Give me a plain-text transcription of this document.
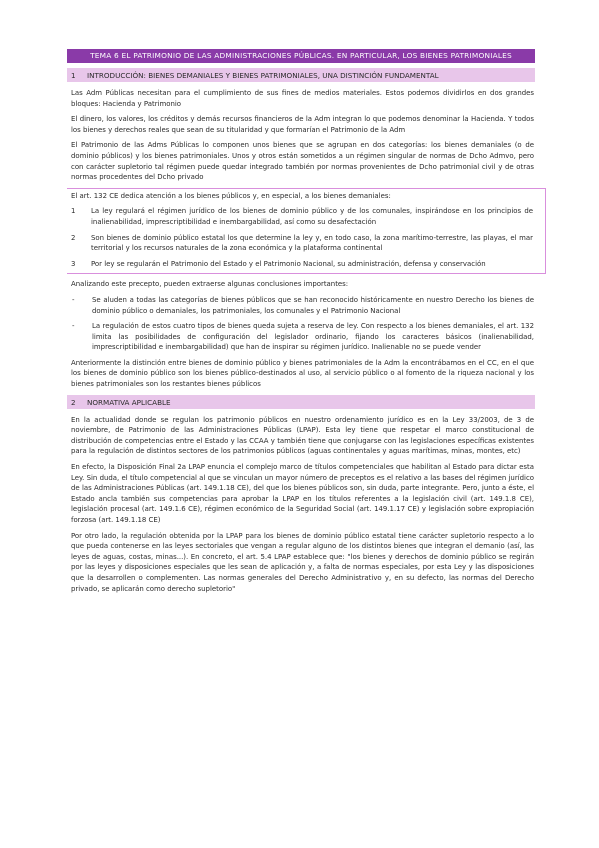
TEMA 6 EL PATRIMONIO DE LAS ADMINISTRACIONES PÚBLICAS. EN PARTICULAR, LOS BIENES PATRIMONIALES
1	INTRODUCCIÓN: BIENES DEMANIALES Y BIENES PATRIMONIALES, UNA DISTINCIÓN FUNDAMENTAL

Las Adm Públicas necesitan para el cumplimiento de sus fines de medios materiales. Estos podemos dividirlos en dos grandes bloques: Hacienda y Patrimonio

El dinero, los valores, los créditos y demás recursos financieros de la Adm integran lo que podemos denominar la Hacienda. Y todos los bienes y derechos reales que sean de su titularidad y que formarían el Patrimonio de la Adm

El Patrimonio de las Adms Públicas lo componen unos bienes que se agrupan en dos categorías: los bienes demaniales (o de dominio públicos) y los bienes patrimoniales. Unos y otros están sometidos a un régimen singular de normas de Dcho Admvo, pero con carácter supletorio tal régimen puede quedar integrado también por normas provenientes de Dcho patrimonial civil y de otras normas procedentes del Dcho privado

El art. 132 CE dedica atención a los bienes públicos y, en especial, a los bienes demaniales:

1	La ley regulará el régimen jurídico de los bienes de dominio público y de los comunales, inspirándose en los principios de inalienabilidad, imprescriptibilidad e inembargabilidad, así como su desafectación
2	Son bienes de dominio público estatal los que determine la ley y, en todo caso, la zona marítimo-terrestre, las playas, el mar territorial y los recursos naturales de la zona económica y la plataforma continental
3	Por ley se regularán el Patrimonio del Estado y el Patrimonio Nacional, su administración, defensa y conservación

Analizando este precepto, pueden extraerse algunas conclusiones importantes:

-	Se aluden a todas las categorías de bienes públicos que se han reconocido históricamente en nuestro Derecho los bienes de dominio público o demaniales, los patrimoniales, los comunales y el Patrimonio Nacional
-	La regulación de estos cuatro tipos de bienes queda sujeta a reserva de ley. Con respecto a los bienes demaniales, el art. 132 limita las posibilidades de configuración del legislador ordinario, fijando los caracteres básicos (inalienabilidad, imprescriptibilidad e inembargabilidad) que han de inspirar su régimen jurídico. Inalienable no se puede vender

Anteriormente la distinción entre bienes de dominio público y bienes patrimoniales de la Adm la encontrábamos en el CC, en el que los bienes de dominio público son los bienes público-destinados al uso, al servicio público o al fomento de la riqueza nacional y los bienes patrimoniales son los restantes bienes públicos

2	NORMATIVA APLICABLE

En la actualidad donde se regulan los patrimonio públicos en nuestro ordenamiento jurídico es en la Ley 33/2003, de 3 de noviembre, de Patrimonio de las Administraciones Públicas (LPAP). Esta ley tiene que respetar el marco constitucional de distribución de competencias entre el Estado y las CCAA y también tiene que conjugarse con las legislaciones específicas existentes para la regulación de distintos sectores de los patrimonios públicos (aguas continentales y aguas marítimas, minas, montes, etc)

En efecto, la Disposición Final 2a LPAP enuncia el complejo marco de títulos competenciales que habilitan al Estado para dictar esta Ley. Sin duda, el título competencial al que se vinculan un mayor número de preceptos es el relativo a las bases del régimen jurídico de las Administraciones Públicas (art. 149.1.18 CE), del que los bienes públicos son, sin duda, parte integrante. Pero, junto a éste, el Estado ancla también sus competencias para aprobar la LPAP en los títulos referentes a la legislación civil (art. 149.1.8 CE), legislación procesal (art. 149.1.6 CE), régimen económico de la Seguridad Social (art. 149.1.17 CE) y legislación sobre expropiación forzosa (art. 149.1.18 CE)

Por otro lado, la regulación obtenida por la LPAP para los bienes de dominio público estatal tiene carácter supletorio respecto a lo que pueda contenerse en las leyes sectoriales que vengan a regular alguno de los distintos bienes que integran el demanio (así, las leyes de aguas, costas, minas...). En concreto, el art. 5.4 LPAP establece que: "los bienes y derechos de dominio público se regirán por las leyes y disposiciones especiales que les sean de aplicación y, a falta de normas especiales, por esta Ley y las disposiciones que la desarrollen o complementen. Las normas generales del Derecho Administrativo y, en su defecto, las normas del Derecho privado, se aplicarán como derecho supletorio"
